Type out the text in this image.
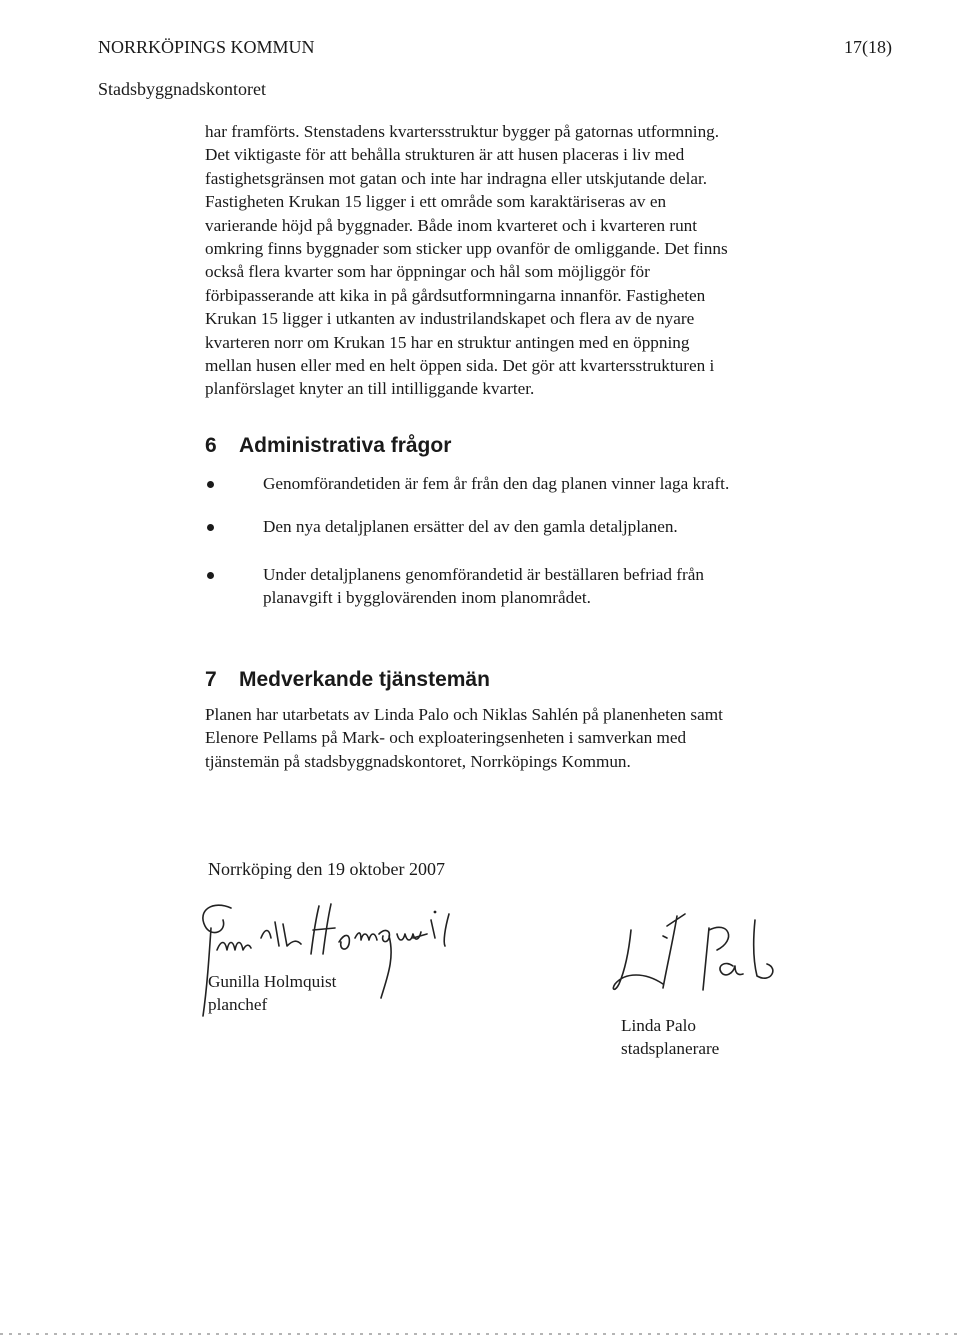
NORRKÖPINGS KOMMUN	17(18)
Stadsbyggnadskontoret

har framförts. Stenstadens kvartersstruktur bygger på gatornas utformning.
Det viktigaste för att behålla strukturen är att husen placeras i liv med
fastighetsgränsen mot gatan och inte har indragna eller utskjutande delar.
Fastigheten Krukan 15 ligger i ett område som karaktäriseras av en
varierande höjd på byggnader. Både inom kvarteret och i kvarteren runt
omkring finns byggnader som sticker upp ovanför de omliggande. Det finns
också flera kvarter som har öppningar och hål som möjliggör för
förbipasserande att kika in på gårdsutformningarna innanför. Fastigheten
Krukan 15 ligger i utkanten av industrilandskapet och flera av de nyare
kvarteren norr om Krukan 15 har en struktur antingen med en öppning
mellan husen eller med en helt öppen sida. Det gör att kvartersstrukturen i
planförslaget knyter an till intilliggande kvarter.

6 Administrativa frågor
Genomförandetiden är fem år från den dag planen vinner laga kraft.
Den nya detaljplanen ersätter del av den gamla detaljplanen.
Under detaljplanens genomförandetid är beställaren befriad från
planavgift i bygglovärenden inom planområdet.
7 Medverkande tjänstemän

Planen har utarbetats av Linda Palo och Niklas Sahlén på planenheten samt
Elenore Pellams på Mark- och exploateringsenheten i samverkan med
tjänstemän på stadsbyggnadskontoret, Norrköpings Kommun.

Norrköping den 19 oktober 2007
Gunilla Holmquist
planchef
Linda Palo
stadsplanerare
